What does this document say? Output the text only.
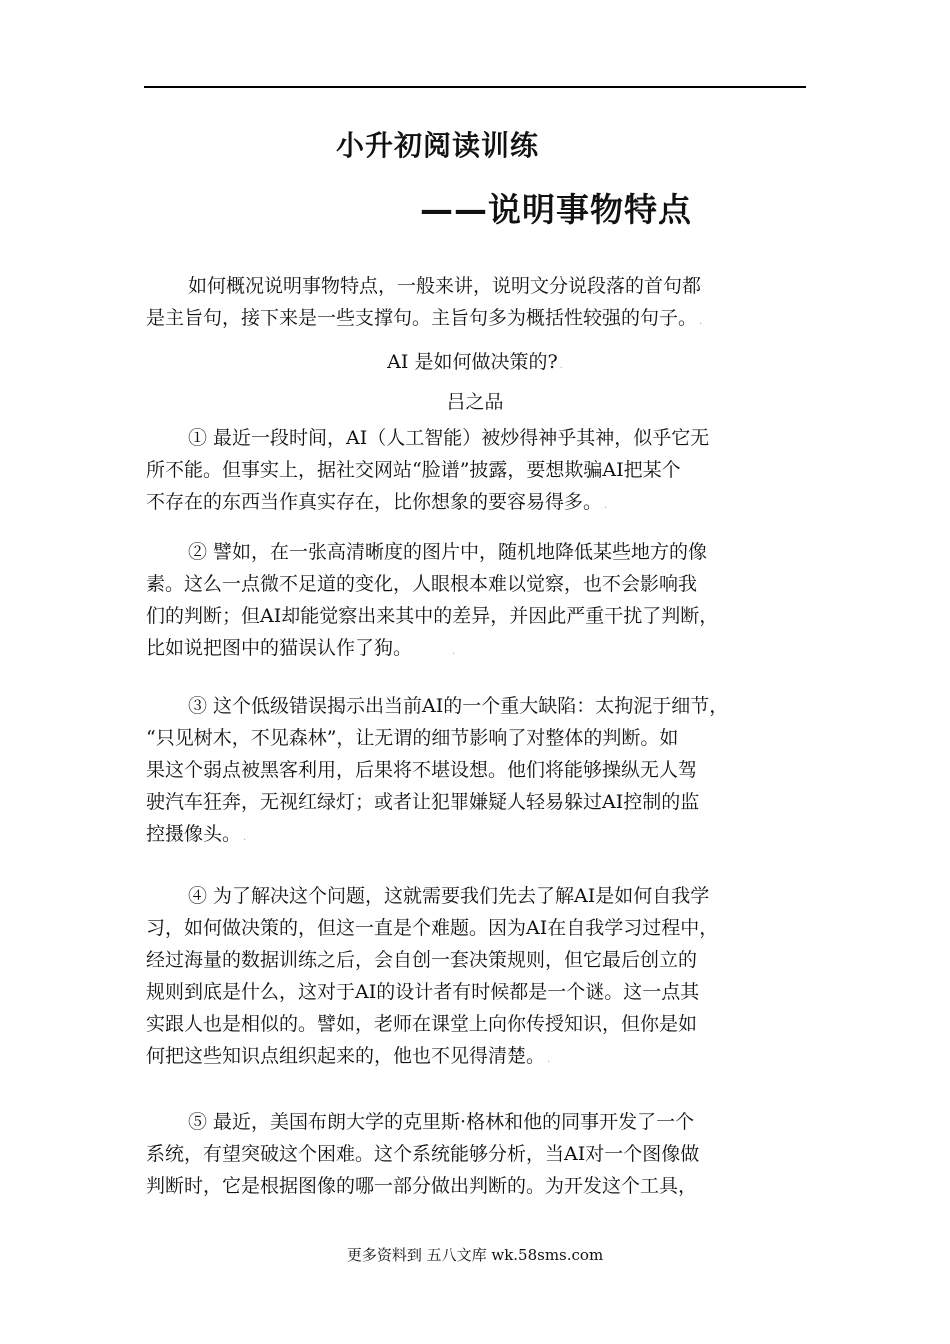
小升初阅读训练
——说明事物特点
如何概况说明事物特点，一般来讲，说明文分说段落的首句都
是主旨句，接下来是一些支撑句。主旨句多为概括性较强的句子。 .
AI 是如何做决策的? .
吕之品
① 最近一段时间，AI（人工智能）被炒得神乎其神，似乎它无
所不能。但事实上，据社交网站“脸谱”披露，要想欺骗AI把某个
不存在的东西当作真实存在，比你想象的要容易得多。 .
② 譬如，在一张高清晰度的图片中，随机地降低某些地方的像
素。这么一点微不足道的变化，人眼根本难以觉察，也不会影响我
们的判断；但AI却能觉察出来其中的差异，并因此严重干扰了判断，
比如说把图中的猫误认作了狗。	.
③ 这个低级错误揭示出当前AI的一个重大缺陷：太拘泥于细节，
“只见树木，不见森林”，让无谓的细节影响了对整体的判断。如
果这个弱点被黑客利用，后果将不堪设想。他们将能够操纵无人驾
驶汽车狂奔，无视红绿灯；或者让犯罪嫌疑人轻易躲过AI控制的监
控摄像头。 .
④ 为了解决这个问题，这就需要我们先去了解AI是如何自我学
习，如何做决策的，但这一直是个难题。因为AI在自我学习过程中，
经过海量的数据训练之后，会自创一套决策规则，但它最后创立的
规则到底是什么，这对于AI的设计者有时候都是一个谜。这一点其
实跟人也是相似的。譬如，老师在课堂上向你传授知识，但你是如
何把这些知识点组织起来的，他也不见得清楚。 .
⑤ 最近，美国布朗大学的克里斯·格林和他的同事开发了一个
系统，有望突破这个困难。这个系统能够分析，当AI对一个图像做
判断时，它是根据图像的哪一部分做出判断的。为开发这个工具，
更多资料到 五八文库 wk.58sms.com
